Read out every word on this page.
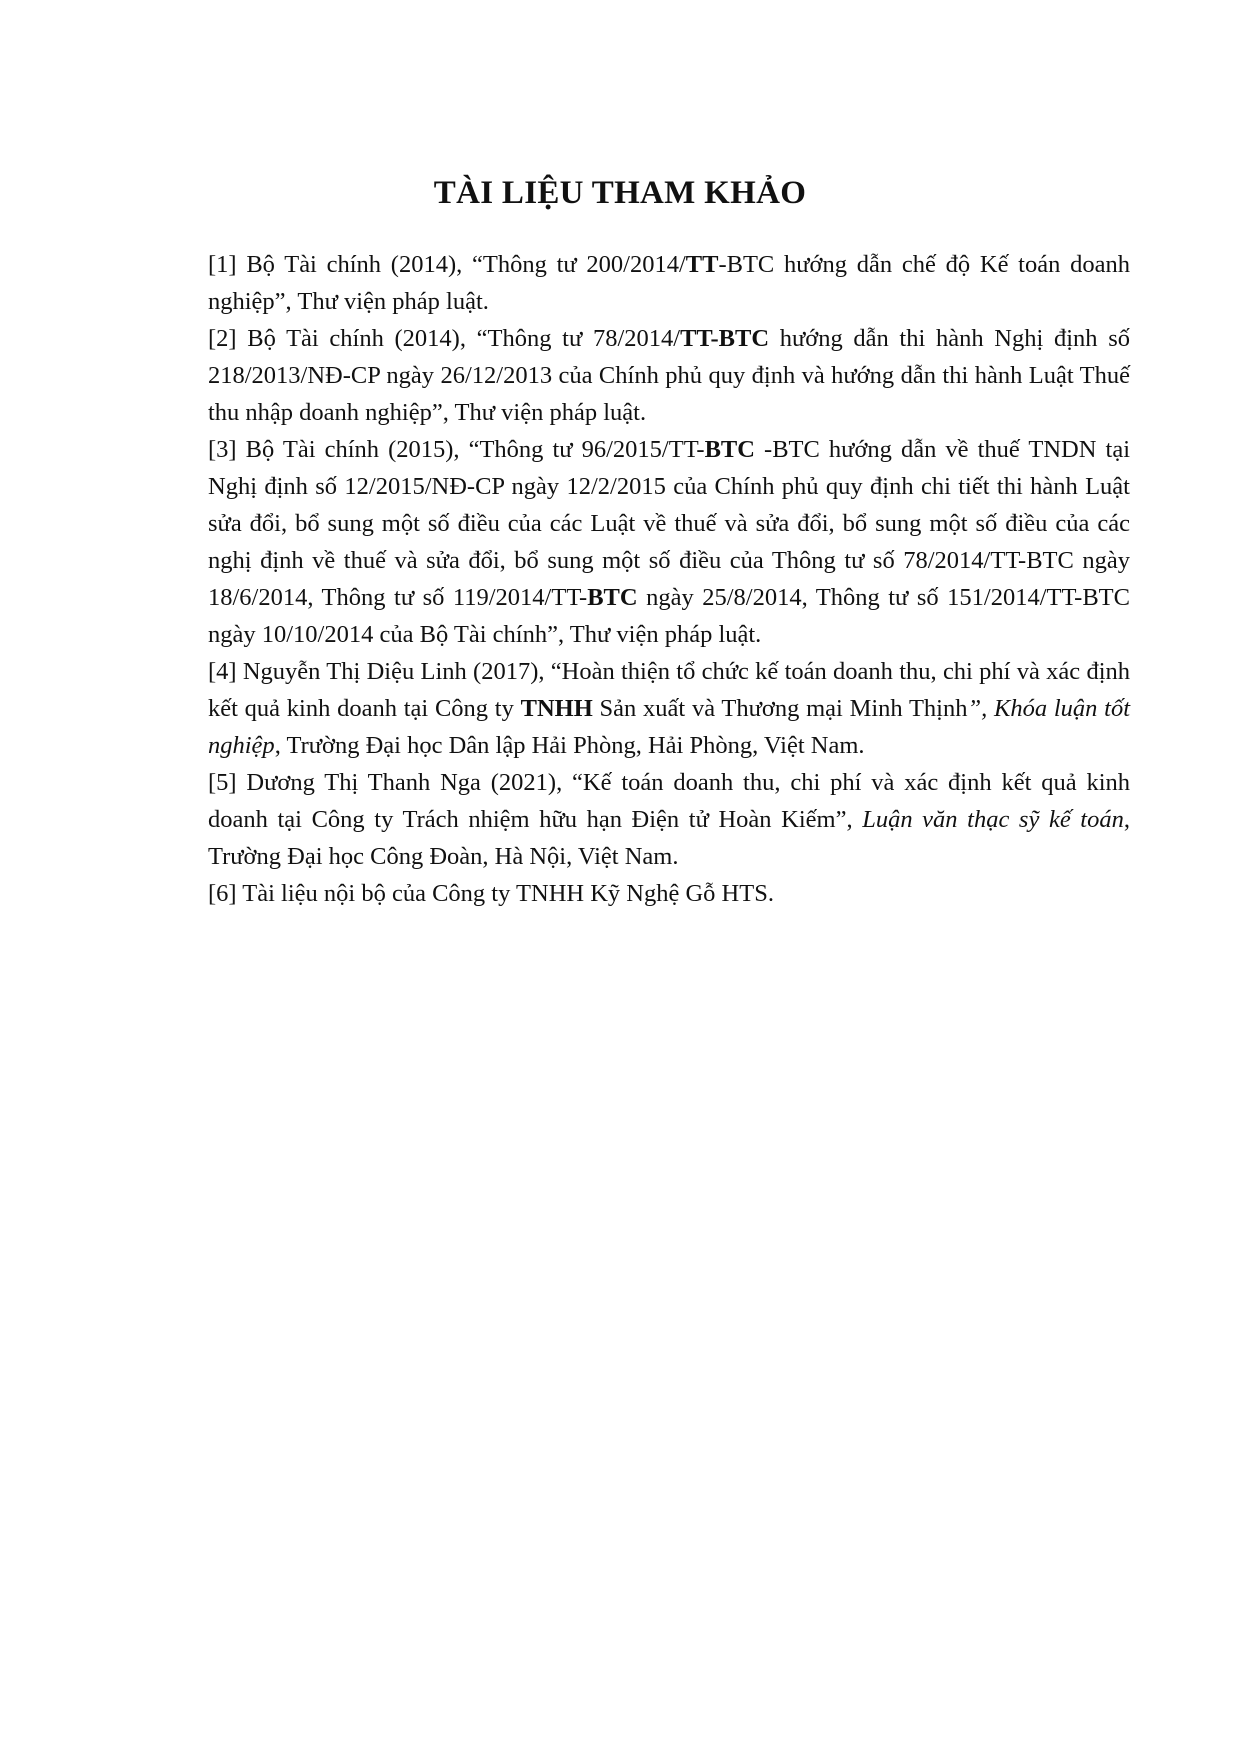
TÀI LIỆU THAM KHẢO
[1] Bộ Tài chính (2014), “Thông tư 200/2014/TT-BTC hướng dẫn chế độ Kế toán doanh nghiệp”, Thư viện pháp luật.
[2] Bộ Tài chính (2014), “Thông tư 78/2014/TT-BTC hướng dẫn thi hành Nghị định số 218/2013/NĐ-CP ngày 26/12/2013 của Chính phủ quy định và hướng dẫn thi hành Luật Thuế thu nhập doanh nghiệp”, Thư viện pháp luật.
[3] Bộ Tài chính (2015), “Thông tư 96/2015/TT-BTC -BTC hướng dẫn về thuế TNDN tại Nghị định số 12/2015/NĐ-CP ngày 12/2/2015 của Chính phủ quy định chi tiết thi hành Luật sửa đổi, bổ sung một số điều của các Luật về thuế và sửa đổi, bổ sung một số điều của các nghị định về thuế và sửa đổi, bổ sung một số điều của Thông tư số 78/2014/TT-BTC ngày 18/6/2014, Thông tư số 119/2014/TT-BTC ngày 25/8/2014, Thông tư số 151/2014/TT-BTC ngày 10/10/2014 của Bộ Tài chính”, Thư viện pháp luật.
[4] Nguyễn Thị Diệu Linh (2017), “Hoàn thiện tổ chức kế toán doanh thu, chi phí và xác định kết quả kinh doanh tại Công ty TNHH Sản xuất và Thương mại Minh Thịnh”, Khóa luận tốt nghiệp, Trường Đại học Dân lập Hải Phòng, Hải Phòng, Việt Nam.
[5] Dương Thị Thanh Nga (2021), “Kế toán doanh thu, chi phí và xác định kết quả kinh doanh tại Công ty Trách nhiệm hữu hạn Điện tử Hoàn Kiếm”, Luận văn thạc sỹ kế toán, Trường Đại học Công Đoàn, Hà Nội, Việt Nam.
[6] Tài liệu nội bộ của Công ty TNHH Kỹ Nghệ Gỗ HTS.
